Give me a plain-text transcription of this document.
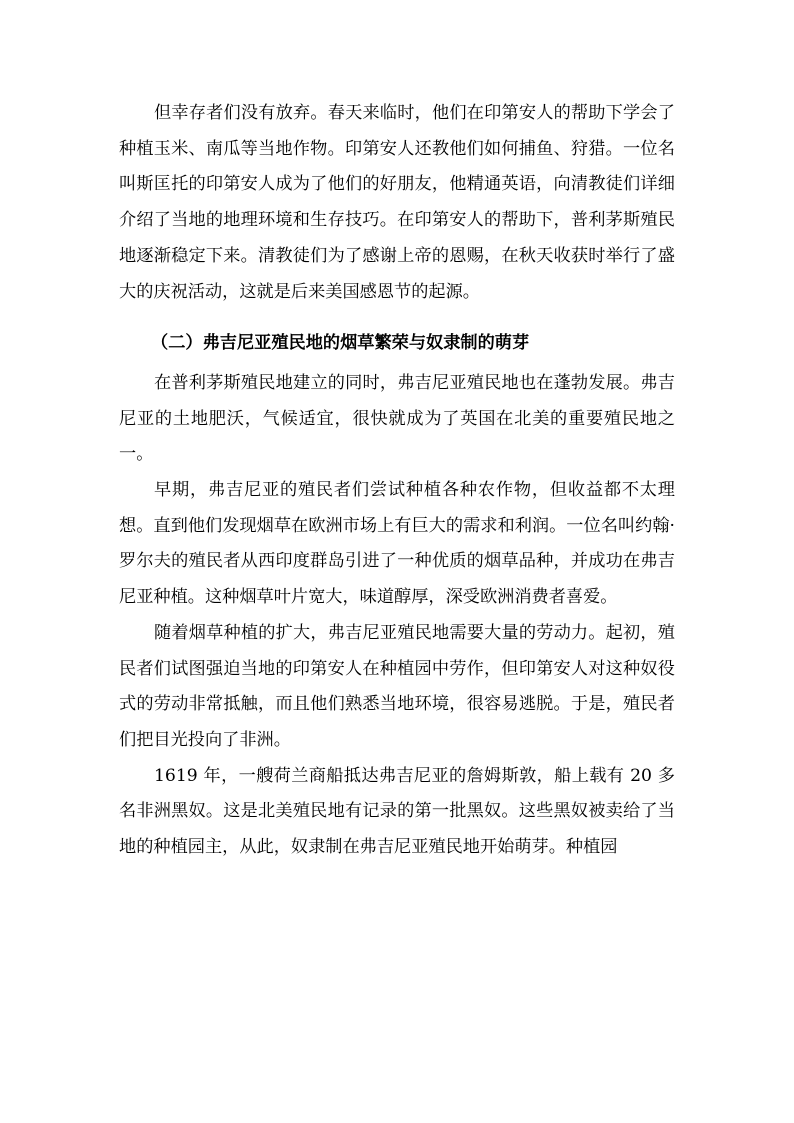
但幸存者们没有放弃。春天来临时，他们在印第安人的帮助下学会了种植玉米、南瓜等当地作物。印第安人还教他们如何捕鱼、狩猎。一位名叫斯匡托的印第安人成为了他们的好朋友，他精通英语，向清教徒们详细介绍了当地的地理环境和生存技巧。在印第安人的帮助下，普利茅斯殖民地逐渐稳定下来。清教徒们为了感谢上帝的恩赐，在秋天收获时举行了盛大的庆祝活动，这就是后来美国感恩节的起源。

（二）弗吉尼亚殖民地的烟草繁荣与奴隶制的萌芽

在普利茅斯殖民地建立的同时，弗吉尼亚殖民地也在蓬勃发展。弗吉尼亚的土地肥沃，气候适宜，很快就成为了英国在北美的重要殖民地之一。

早期，弗吉尼亚的殖民者们尝试种植各种农作物，但收益都不太理想。直到他们发现烟草在欧洲市场上有巨大的需求和利润。一位名叫约翰·罗尔夫的殖民者从西印度群岛引进了一种优质的烟草品种，并成功在弗吉尼亚种植。这种烟草叶片宽大，味道醇厚，深受欧洲消费者喜爱。

随着烟草种植的扩大，弗吉尼亚殖民地需要大量的劳动力。起初，殖民者们试图强迫当地的印第安人在种植园中劳作，但印第安人对这种奴役式的劳动非常抵触，而且他们熟悉当地环境，很容易逃脱。于是，殖民者们把目光投向了非洲。

1619 年，一艘荷兰商船抵达弗吉尼亚的詹姆斯敦，船上载有 20 多名非洲黑奴。这是北美殖民地有记录的第一批黑奴。这些黑奴被卖给了当地的种植园主，从此，奴隶制在弗吉尼亚殖民地开始萌芽。种植园
